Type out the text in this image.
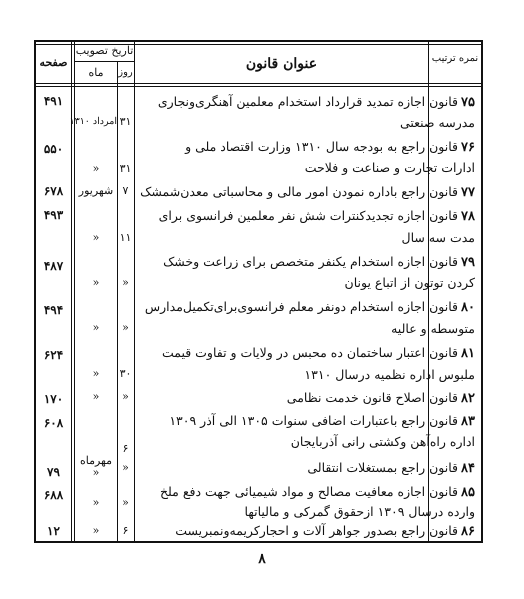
نمره ترتیب
عنوان قانون
تاریخ تصویب
روز
ماه
صفحه
۷۵قانون اجازه تمدید قرارداد استخدام معلمین آهنگری‌ونجاری
مدرسه صنعتی
۳۱
امرداد ۱۳۱۰
۴۹۱
۷۶قانون راجع به بودجه سال ۱۳۱۰ وزارت اقتصاد ملی و
ادارات تجارت و صناعت و فلاحت
۳۱
«
۵۵۰
۷۷قانون راجع باداره نمودن امور مالی و محاسباتی معدن‌شمشک
۷
شهریور
۶۷۸
۷۸قانون اجازه تجدیدکنترات شش نفر معلمین فرانسوی برای
مدت سه سال
۱۱
«
۴۹۳
۷۹قانون اجازه استخدام یکنفر متخصص برای زراعت وخشک
کردن توتون از اتباع یونان
«
«
۴۸۷
۸۰قانون اجازه استخدام دونفر معلم فرانسوی‌برای‌تکمیل‌مدارس
متوسطه و عالیه
«
«
۴۹۴
۸۱قانون اعتبار ساختمان ده محبس در ولایات و تفاوت قیمت
ملبوس اداره نظمیه درسال ۱۳۱۰
۳۰
«
۶۲۴
۸۲قانون اصلاح قانون خدمت نظامی
«
«
۱۷۰
۸۳قانون راجع باعتبارات اضافی سنوات ۱۳۰۵ الی آذر ۱۳۰۹
اداره راه‌آهن وکشتی رانی آذربایجان
۶
مهرماه
۶۰۸
۸۴قانون راجع بمستغلات انتقالی
«
«
۷۹
۸۵قانون اجازه معافیت مصالح و مواد شیمیائی جهت دفع ملخ
وارده درسال ۱۳۰۹ ازحقوق گمرکی و مالیاتها
«
«
۶۸۸
۸۶قانون راجع بصدور جواهر آلات و احجارکریمه‌ونمبریست
۶
«
۱۲
۸
